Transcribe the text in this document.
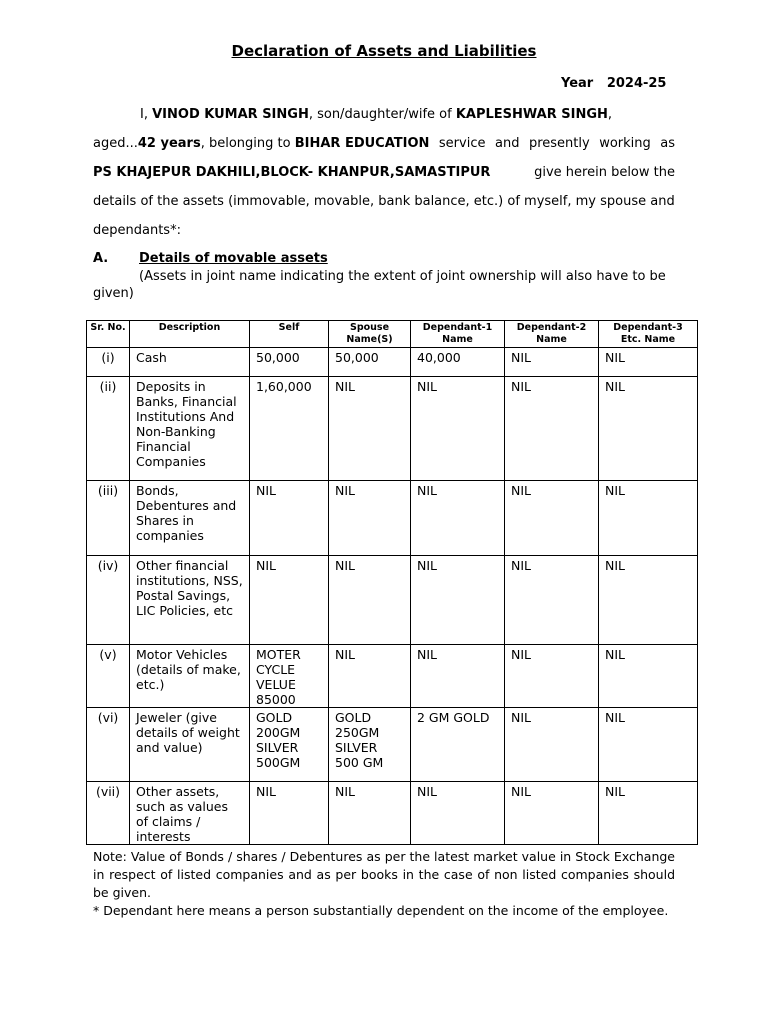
Declaration of Assets and Liabilities
Year 2024-25
I, VINOD KUMAR SINGH , son/daughter/wife of KAPLESHWAR SINGH ,
aged...42 years, belonging to BIHAR EDUCATION service and presently working as
PS KHAJEPUR DAKHILI,BLOCK- KHANPUR,SAMASTIPUR	give herein below the
details of the assets (immovable, movable, bank balance, etc.) of myself, my spouse and
dependants*:
A. Details of movable assets
(Assets in joint name indicating the extent of joint ownership will also have to be
given)
Sr. No.	Description	Self	Spouse Name(S)	Dependant-1 Name	Dependant-2 Name	Dependant-3 Etc. Name
(i)	Cash	50,000	50,000	40,000	NIL	NIL
(ii)	Deposits in Banks, Financial Institutions And Non-Banking Financial Companies	1,60,000	NIL	NIL	NIL	NIL
(iii)	Bonds, Debentures and Shares in companies	NIL	NIL	NIL	NIL	NIL
(iv)	Other financial institutions, NSS, Postal Savings, LIC Policies, etc	NIL	NIL	NIL	NIL	NIL
(v)	Motor Vehicles (details of make, etc.)	MOTER CYCLE VELUE 85000	NIL	NIL	NIL	NIL
(vi)	Jeweler (give details of weight and value)	GOLD 200GM SILVER 500GM	GOLD 250GM SILVER 500 GM	2 GM GOLD	NIL	NIL
(vii)	Other assets, such as values of claims / interests	NIL	NIL	NIL	NIL	NIL
Note: Value of Bonds / shares / Debentures as per the latest market value in Stock Exchange in respect of listed companies and as per books in the case of non listed companies should be given.
* Dependant here means a person substantially dependent on the income of the employee.
